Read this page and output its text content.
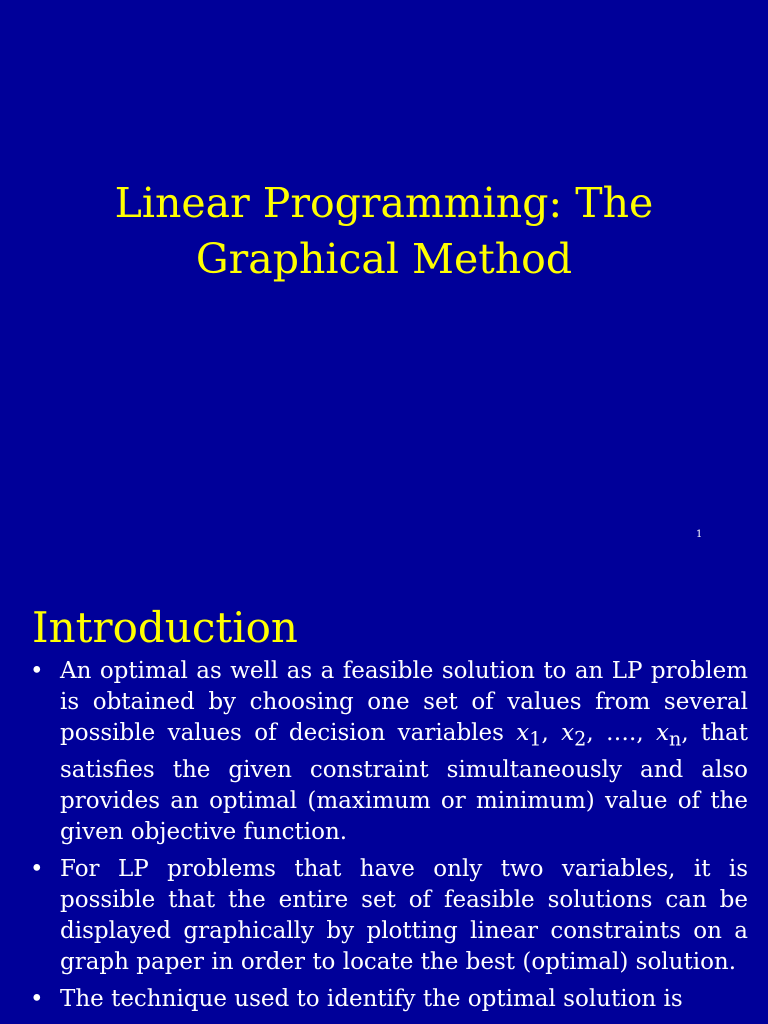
Linear Programming: The
Graphical Method
1
Introduction
• An optimal as well as a feasible solution to an LP problem is obtained by choosing one set of values from several possible values of decision variables $x_1$, $x_2$, …., $x_n$, that satisfies the given constraint simultaneously and also provides an optimal (maximum or minimum) value of the given objective function.
• For LP problems that have only two variables, it is possible that the entire set of feasible solutions can be displayed graphically by plotting linear constraints on a graph paper in order to locate the best (optimal) solution.
• The technique used to identify the optimal solution is
